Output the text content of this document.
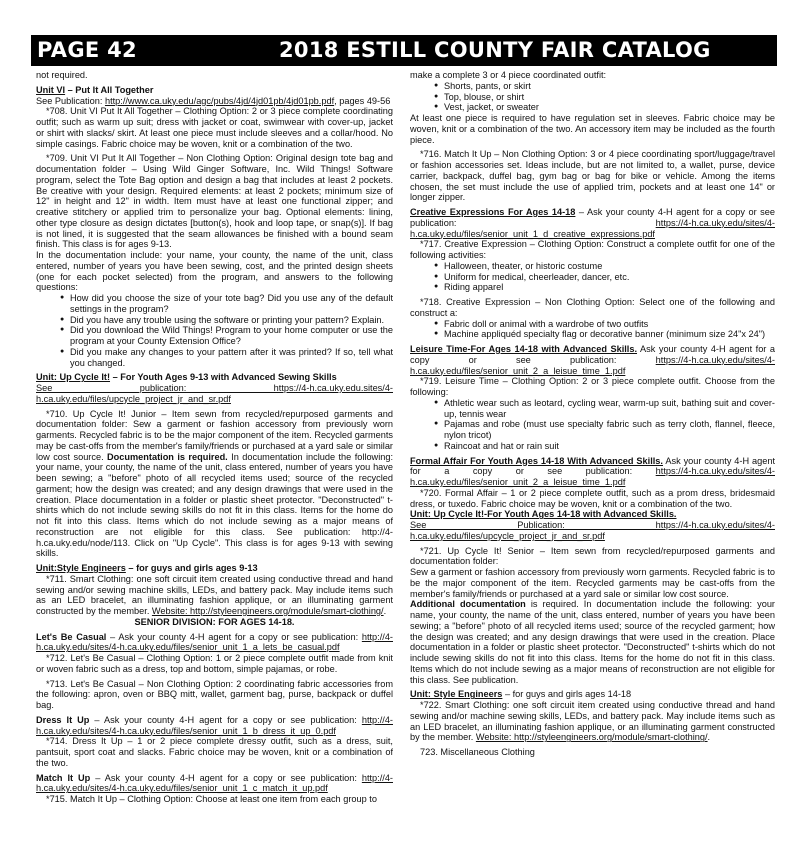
PAGE 42	2018 ESTILL COUNTY FAIR CATALOG

not required.

Unit VI – Put It All Together

See Publication: http://www.ca.uky.edu/agc/pubs/4jd/4jd01pb/4jd01pb.pdf, pages 49-56

*708. Unit VI Put It All Together – Clothing Option: 2 or 3 piece complete coordinating outfit; such as warm up suit; dress with jacket or coat, swimwear with cover-up, jacket or shirt with slacks/ skirt. At least one piece must include sleeves and a collar/hood. No simple casings. Fabric choice may be woven, knit or a combination of the two.

*709. Unit VI Put It All Together – Non Clothing Option: Original design tote bag and documentation folder – Using Wild Ginger Software, Inc. Wild Things! Software program, select the Tote Bag option and design a bag that includes at least 2 pockets. Be creative with your design. Required elements: at least 2 pockets; minimum size of 12" in height and 12" in width. Item must have at least one functional zipper; and creative stitchery or applied trim to personalize your bag. Optional elements: lining, other type closure as design dictates [button(s), hook and loop tape, or snap(s)]. If bag is not lined, it is suggested that the seam allowances be finished with a bound seam finish. This class is for ages 9-13.

In the documentation include: your name, your county, the name of the unit, class entered, number of years you have been sewing, cost, and the printed design sheets (one for each pocket selected) from the program, and answers to the following questions:

● How did you choose the size of your tote bag? Did you use any of the default settings in the program?
● Did you have any trouble using the software or printing your pattern? Explain.
● Did you download the Wild Things! Program to your home computer or use the program at your County Extension Office?
● Did you make any changes to your pattern after it was printed? If so, tell what you changed.

Unit: Up Cycle It! – For Youth Ages 9-13 with Advanced Sewing Skills

See publication: https://4-h.ca.uky.edu.sites/4-h.ca.uky.edu/files/upcycle_project_jr_and_sr.pdf

*710. Up Cycle It! Junior – Item sewn from recycled/repurposed garments and documentation folder: Sew a garment or fashion accessory from previously worn garments. Recycled fabric is to be the major component of the item. Recycled garments may be cast-offs from the member's family/friends or purchased at a yard sale or similar low cost source. Documentation is required. In documentation include the following: your name, your county, the name of the unit, class entered, number of years you have been sewing; a "before" photo of all recycled items used; source of the recycled garment; how the design was created; and any design drawings that were used in the creation. Place documentation in a folder or plastic sheet protector. "Deconstructed" t-shirts which do not include sewing skills do not fit in this class. Items for the home do not fit into this class. Items which do not include sewing as a major means of reconstruction are not eligible for this class. See publication: http://4-h.ca.uky.edu/node/113. Click on "Up Cycle". This class is for ages 9-13 with sewing skills.

Unit:Style Engineers – for guys and girls ages 9-13

*711. Smart Clothing: one soft circuit item created using conductive thread and hand sewing and/or sewing machine skills, LEDs, and battery pack. May include items such as an LED bracelet, an illuminating fashion applique, or an illuminating garment constructed by the member. Website: http://styleengineers.org/module/smart-clothing/.

SENIOR DIVISION: FOR AGES 14-18.

Let's Be Casual – Ask your county 4-H agent for a copy or see publication: http://4-h.ca.uky.edu/sites/4-h.ca.uky.edu/files/senior_unit_1_a_lets_be_casual.pdf

*712. Let's Be Casual – Clothing Option: 1 or 2 piece complete outfit made from knit or woven fabric such as a dress, top and bottom, simple pajamas, or robe.

*713. Let's Be Casual – Non Clothing Option: 2 coordinating fabric accessories from the following: apron, oven or BBQ mitt, wallet, garment bag, purse, backpack or duffel bag.

Dress It Up – Ask your county 4-H agent for a copy or see publication: http://4-h.ca.uky.edu/sites/4-h.ca.uky.edu/files/senior_unit_1_b_dress_it_up_0.pdf

*714. Dress It Up – 1 or 2 piece complete dressy outfit, such as a dress, suit, pantsuit, sport coat and slacks. Fabric choice may be woven, knit or a combination of the two.

Match It Up – Ask your county 4-H agent for a copy or see publication: http://4-h.ca.uky.edu/sites/4-h.ca.uky.edu/files/senior_unit_1_c_match_it_up.pdf

*715. Match It Up – Clothing Option: Choose at least one item from each group to

make a complete 3 or 4 piece coordinated outfit:

● Shorts, pants, or skirt
● Top, blouse, or shirt
● Vest, jacket, or sweater

At least one piece is required to have regulation set in sleeves. Fabric choice may be woven, knit or a combination of the two. An accessory item may be included as the fourth piece.

*716. Match It Up – Non Clothing Option: 3 or 4 piece coordinating sport/luggage/travel or fashion accessories set. Ideas include, but are not limited to, a wallet, purse, device carrier, backpack, duffel bag, gym bag or bag for bike or vehicle. Among the items chosen, the set must include the use of applied trim, pockets and at least one 14" or longer zipper.

Creative Expressions For Ages 14-18 – Ask your county 4-H agent for a copy or see publication: https://4-h.ca.uky.edu/sites/4-h.ca.uky.edu/files/senior_unit_1_d_creative_expressions.pdf

*717. Creative Expression – Clothing Option: Construct a complete outfit for one of the following activities:

● Halloween, theater, or historic costume
● Uniform for medical, cheerleader, dancer, etc.
● Riding apparel

*718. Creative Expression – Non Clothing Option: Select one of the following and construct a:

● Fabric doll or animal with a wardrobe of two outfits
● Machine appliquéd specialty flag or decorative banner (minimum size 24"x 24")

Leisure Time-For Ages 14-18 with Advanced Skills. Ask your county 4-H agent for a copy or see publication: https://4-h.ca.uky.edu/sites/4-h.ca.uky.edu/files/senior_unit_2_a_leisue_time_1.pdf

*719. Leisure Time – Clothing Option: 2 or 3 piece complete outfit. Choose from the following:

● Athletic wear such as leotard, cycling wear, warm-up suit, bathing suit and cover-up, tennis wear
● Pajamas and robe (must use specialty fabric such as terry cloth, flannel, fleece, nylon tricot)
● Raincoat and hat or rain suit

Formal Affair For Youth Ages 14-18 With Advanced Skills. Ask your county 4-H agent for a copy or see publication: https://4-h.ca.uky.edu/sites/4-h.ca.uky.edu/files/senior_unit_2_a_leisue_time_1.pdf

*720. Formal Affair – 1 or 2 piece complete outfit, such as a prom dress, bridesmaid dress, or tuxedo. Fabric choice may be woven, knit or a combination of the two.

Unit: Up Cycle It!-For Youth Ages 14-18 with Advanced Skills.

See Publication: https://4-h.ca.uky.edu/sites/4-h.ca.uky.edu/files/upcycle_project_jr_and_sr.pdf

*721. Up Cycle It! Senior – Item sewn from recycled/repurposed garments and documentation folder:

Sew a garment or fashion accessory from previously worn garments. Recycled fabric is to be the major component of the item. Recycled garments may be cast-offs from the member's family/friends or purchased at a yard sale or similar low cost source.

Additional documentation is required. In documentation include the following: your name, your county, the name of the unit, class entered, number of years you have been sewing; a "before" photo of all recycled items used; source of the recycled garment; how the design was created; and any design drawings that were used in the creation. Place documentation in a folder or plastic sheet protector. "Deconstructed" t-shirts which do not include sewing skills do not fit into this class. Items for the home do not fit in this class. Items which do not include sewing as a major means of reconstruction are not eligible for this class. See publication.

Unit: Style Engineers – for guys and girls ages 14-18

*722. Smart Clothing: one soft circuit item created using conductive thread and hand sewing and/or machine sewing skills, LEDs, and battery pack. May include items such as an LED bracelet, an illuminating fashion applique, or an illuminating garment constructed by the member. Website: http://styleengineers.org/module/smart-clothing/.

723. Miscellaneous Clothing
